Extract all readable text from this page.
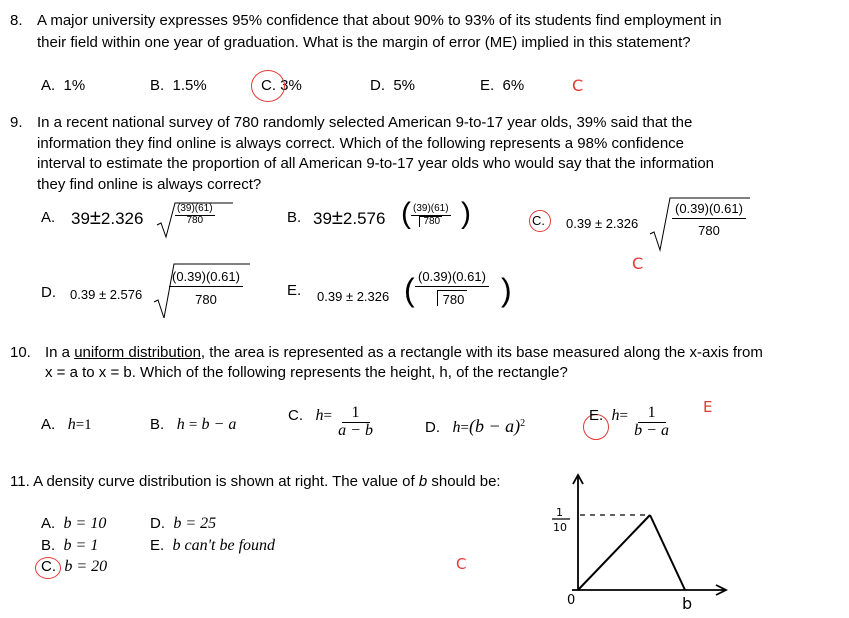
8. A major university expresses 95% confidence that about 90% to 93% of its students find employment in
their field within one year of graduation. What is the margin of error (ME) implied in this statement?
A. 1%	B. 1.5%	C. 3%	D. 5%	E. 6%	C
9. In a recent national survey of 780 randomly selected American 9-to-17 year olds, 39% said that the
information they find online is always correct. Which of the following represents a 98% confidence
interval to estimate the proportion of all American 9-to-17 year olds who would say that the information
they find online is always correct?
A. 39±2.326	$\frac{(39)(61)}{780}$	B. 39±2.576 ( $\frac{(39)(61)}{780}$ )	C. 0.39 ± 2.326	$\frac{(0.39)(0.61)}{780}$
C
D. $0.39 \pm 2.576 \frac{(0.39)(0.61)}{780}$	E. 0.39 ± 2.326 ( $\frac{(0.39)(0.61)}{780}$ )
10. In a uniform distribution, the area is represented as a rectangle with its base measured along the x-axis from
x = a to x = b. Which of the following represents the height, h, of the rectangle?
A. h=1	B. h = b − a
C. $h= \frac{1}{a - b}$	D. $h=(b - a)^2$	E. $h= \frac{1}{b - a}$ E
11. A density curve distribution is shown at right. The value of b should be:
A. b = 10
B. b = 1
C. b = 20
D. b = 25
E. b can't be found
C
1
10
0	b
